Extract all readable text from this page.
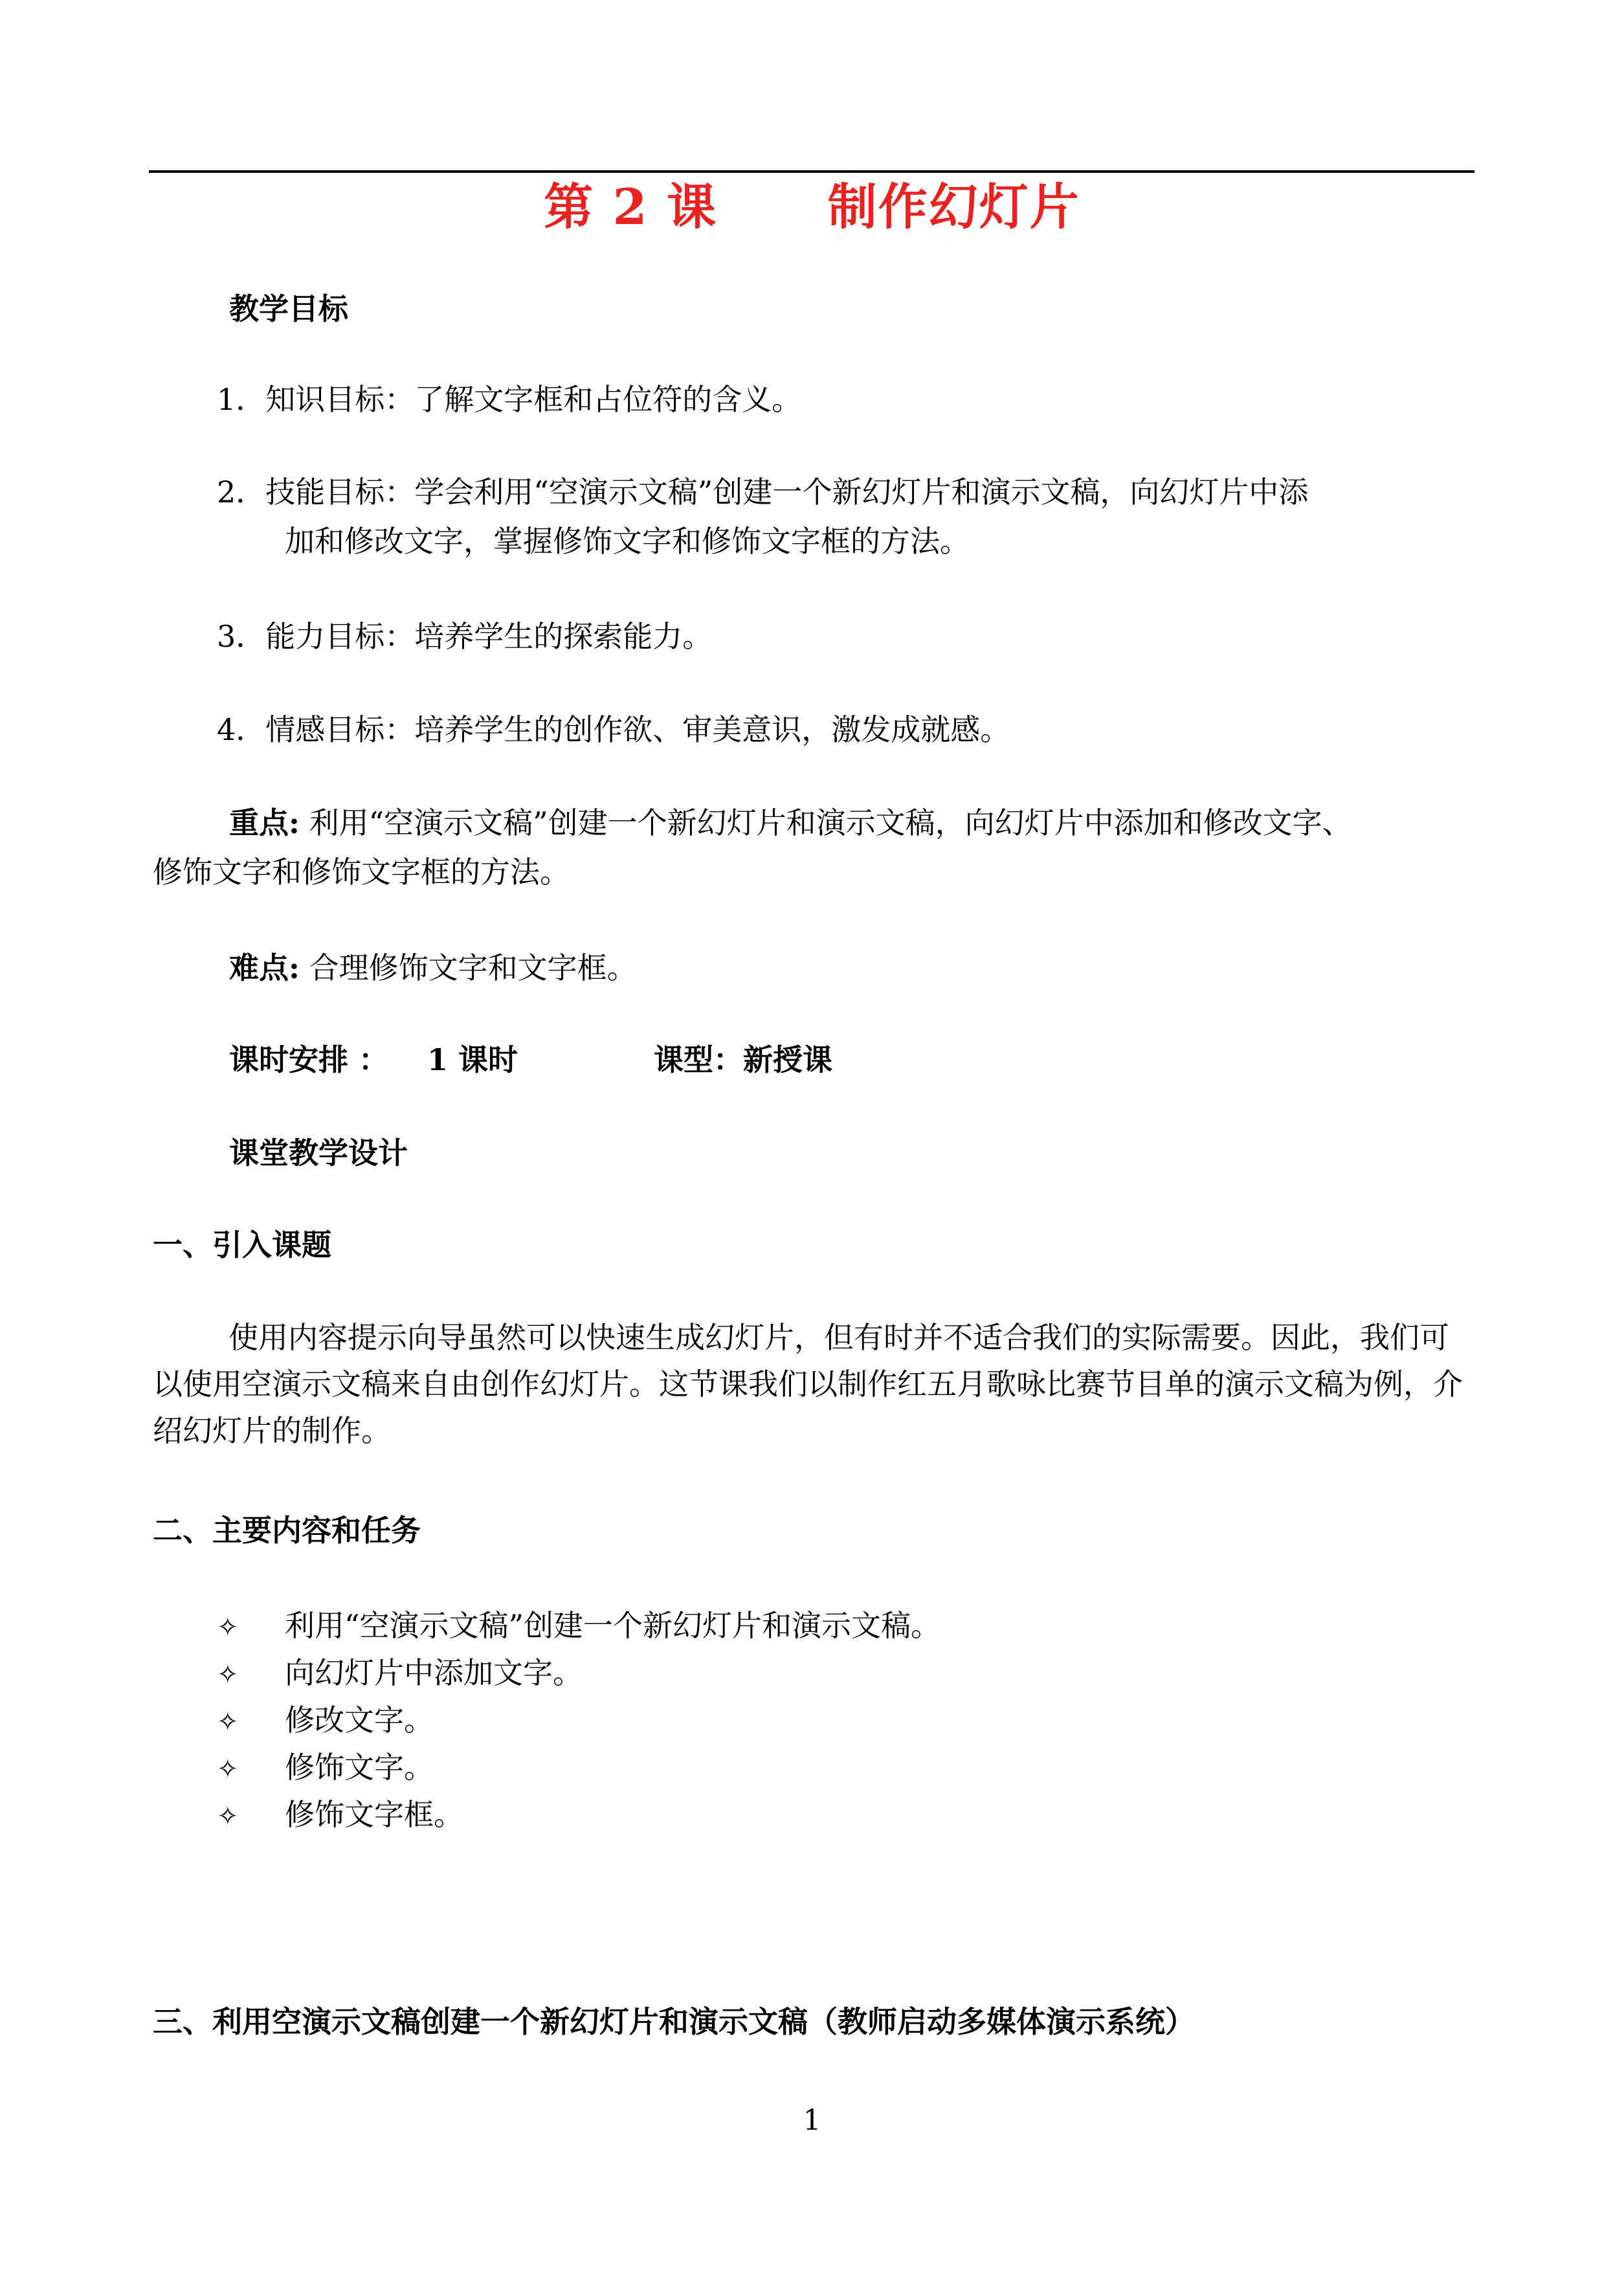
第 2 课      制作幻灯片
教学目标
1．知识目标：了解文字框和占位符的含义。
2．技能目标：学会利用“空演示文稿”创建一个新幻灯片和演示文稿，向幻灯片中添
加和修改文字，掌握修饰文字和修饰文字框的方法。
3．能力目标：培养学生的探索能力。
4．情感目标：培养学生的创作欲、审美意识，激发成就感。
重点: 利用“空演示文稿”创建一个新幻灯片和演示文稿，向幻灯片中添加和修改文字、
修饰文字和修饰文字框的方法。
难点: 合理修饰文字和文字框。
课时安排 ： 1 课时	课型：新授课
课堂教学设计
一、引入课题
使用内容提示向导虽然可以快速生成幻灯片，但有时并不适合我们的实际需要。因此，我们可以使用空演示文稿来自由创作幻灯片。这节课我们以制作红五月歌咏比赛节目单的演示文稿为例，介绍幻灯片的制作。
二、主要内容和任务
✧ 利用“空演示文稿”创建一个新幻灯片和演示文稿。
✧ 向幻灯片中添加文字。
✧ 修改文字。
✧ 修饰文字。
✧ 修饰文字框。
三、利用空演示文稿创建一个新幻灯片和演示文稿（教师启动多媒体演示系统）
1
